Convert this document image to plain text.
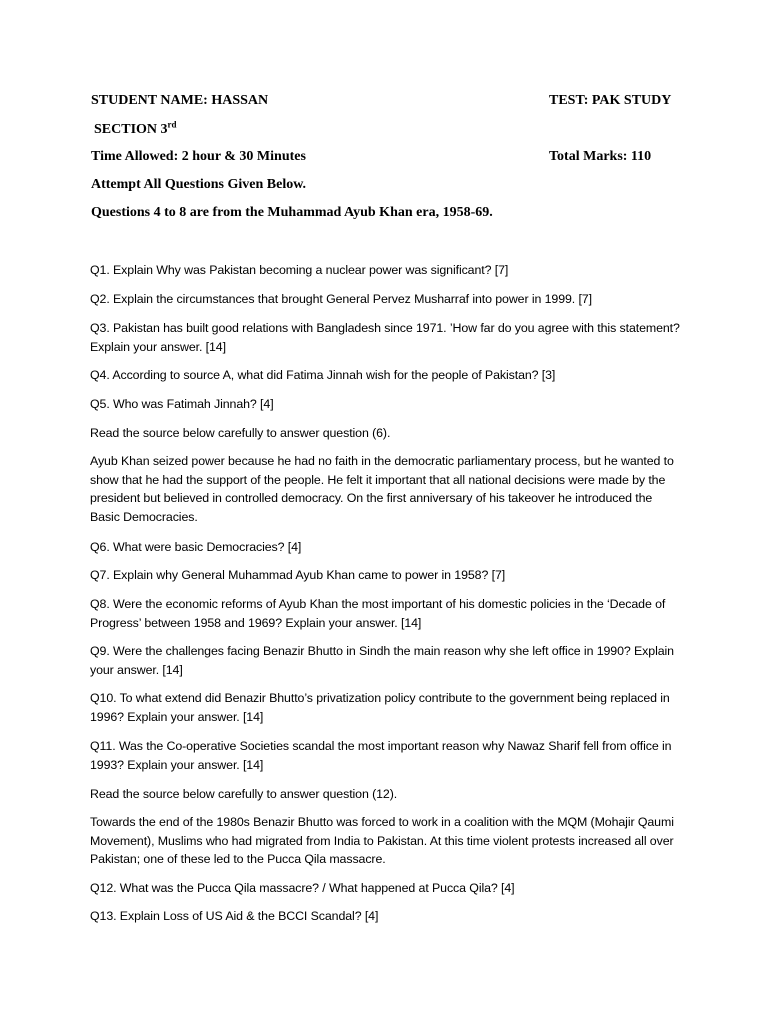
STUDENT NAME: HASSAN	TEST: PAK STUDY
SECTION 3rd
Time Allowed: 2 hour & 30 Minutes	Total Marks: 110
Attempt All Questions Given Below.
Questions 4 to 8 are from the Muhammad Ayub Khan era, 1958-69.
Q1. Explain Why was Pakistan becoming a nuclear power was significant? [7]
Q2. Explain the circumstances that brought General Pervez Musharraf into power in 1999. [7]
Q3. Pakistan has built good relations with Bangladesh since 1971. ’How far do you agree with this statement? Explain your answer. [14]
Q4. According to source A, what did Fatima Jinnah wish for the people of Pakistan? [3]
Q5. Who was Fatimah Jinnah? [4]
Read the source below carefully to answer question (6).
Ayub Khan seized power because he had no faith in the democratic parliamentary process, but he wanted to show that he had the support of the people. He felt it important that all national decisions were made by the president but believed in controlled democracy. On the first anniversary of his takeover he introduced the Basic Democracies.
Q6. What were basic Democracies? [4]
Q7. Explain why General Muhammad Ayub Khan came to power in 1958? [7]
Q8. Were the economic reforms of Ayub Khan the most important of his domestic policies in the ‘Decade of Progress’ between 1958 and 1969? Explain your answer. [14]
Q9. Were the challenges facing Benazir Bhutto in Sindh the main reason why she left office in 1990? Explain your answer. [14]
Q10. To what extend did Benazir Bhutto’s privatization policy contribute to the government being replaced in 1996? Explain your answer. [14]
Q11. Was the Co-operative Societies scandal the most important reason why Nawaz Sharif fell from office in 1993? Explain your answer. [14]
Read the source below carefully to answer question (12).
Towards the end of the 1980s Benazir Bhutto was forced to work in a coalition with the MQM (Mohajir Qaumi Movement), Muslims who had migrated from India to Pakistan. At this time violent protests increased all over Pakistan; one of these led to the Pucca Qila massacre.
Q12. What was the Pucca Qila massacre? / What happened at Pucca Qila? [4]
Q13. Explain Loss of US Aid & the BCCI Scandal? [4]
